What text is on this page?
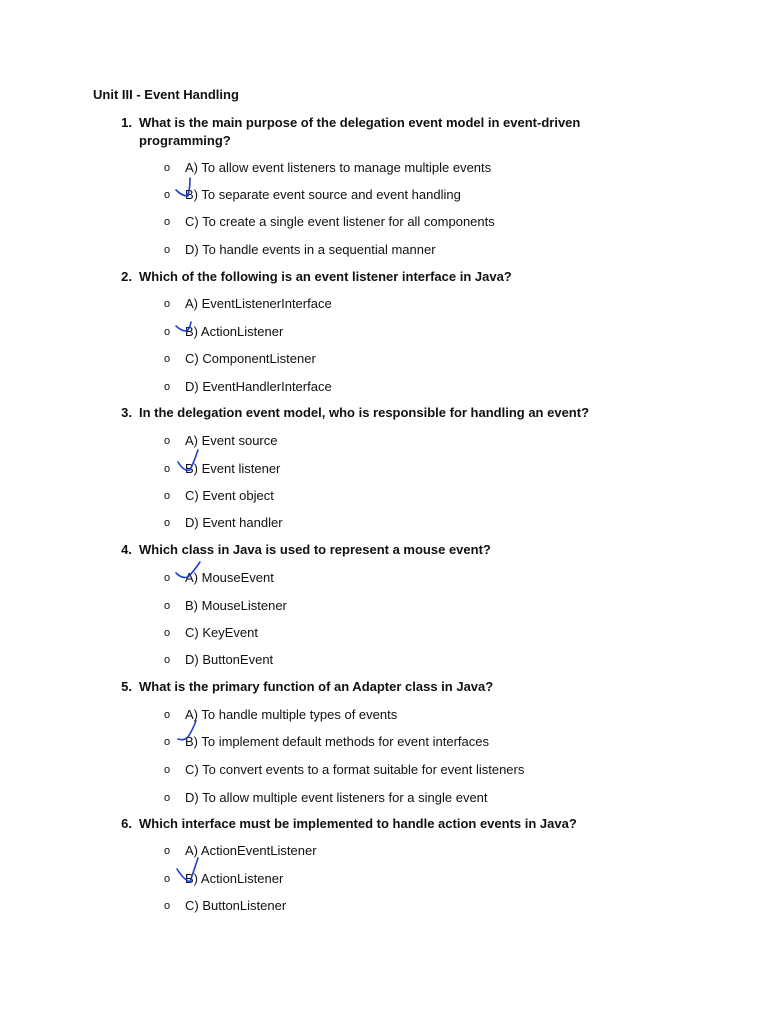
Unit III - Event Handling
1. What is the main purpose of the delegation event model in event-driven programming?
o	A) To allow event listeners to manage multiple events
o	B) To separate event source and event handling
o	C) To create a single event listener for all components
o	D) To handle events in a sequential manner
2. Which of the following is an event listener interface in Java?
o	A) EventListenerInterface
o	B) ActionListener
o	C) ComponentListener
o	D) EventHandlerInterface
3. In the delegation event model, who is responsible for handling an event?
o	A) Event source
o	B) Event listener
o	C) Event object
o	D) Event handler
4. Which class in Java is used to represent a mouse event?
o	A) MouseEvent
o	B) MouseListener
o	C) KeyEvent
o	D) ButtonEvent
5. What is the primary function of an Adapter class in Java?
o	A) To handle multiple types of events
o	B) To implement default methods for event interfaces
o	C) To convert events to a format suitable for event listeners
o	D) To allow multiple event listeners for a single event
6. Which interface must be implemented to handle action events in Java?
o	A) ActionEventListener
o	B) ActionListener
o	C) ButtonListener
